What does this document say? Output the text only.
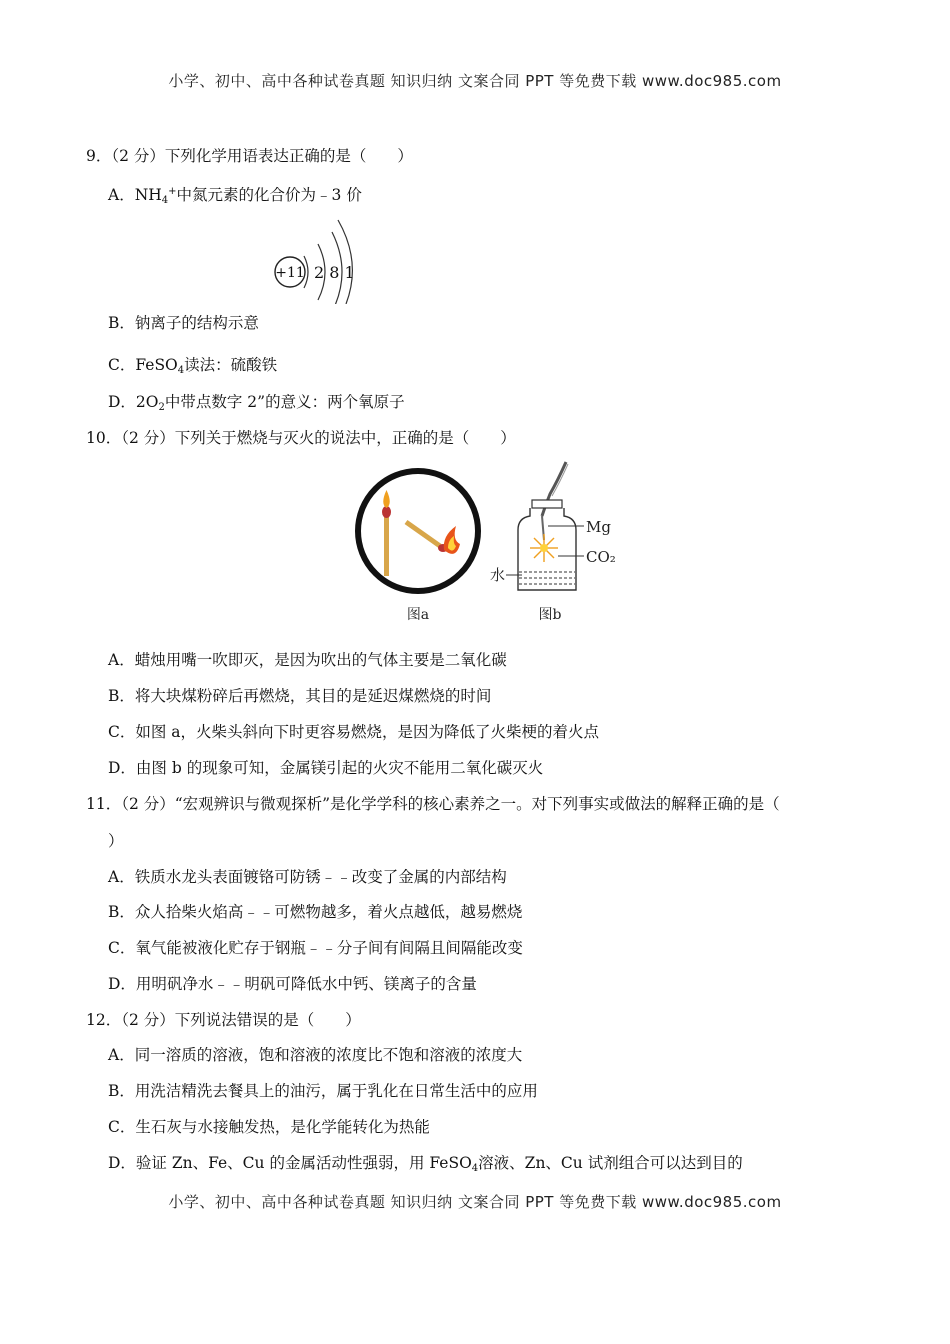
小学、初中、高中各种试卷真题 知识归纳 文案合同 PPT 等免费下载 www.doc985.com
9．（2 分）下列化学用语表达正确的是（　　）
A．$NH_4^+$中氮元素的化合价为﹣3 价
+11 2 8 1
B．钠离子的结构示意
C．FeSO$_4$读法：硫酸铁
D．$2O_2$中带点数字 2”的意义：两个氧原子
10．（2 分）下列关于燃烧与灭火的说法中，正确的是（　　）
图a
Mg
CO₂
水
图b
A．蜡烛用嘴一吹即灭，是因为吹出的气体主要是二氧化碳
B．将大块煤粉碎后再燃烧，其目的是延迟煤燃烧的时间
C．如图 a，火柴头斜向下时更容易燃烧，是因为降低了火柴梗的着火点
D．由图 b 的现象可知，金属镁引起的火灾不能用二氧化碳灭火
11．（2 分）“宏观辨识与微观探析”是化学学科的核心素养之一。对下列事实或做法的解释正确的是（
）
A．铁质水龙头表面镀铬可防锈﹣﹣改变了金属的内部结构
B．众人拾柴火焰高﹣﹣可燃物越多，着火点越低，越易燃烧
C．氧气能被液化贮存于钢瓶﹣﹣分子间有间隔且间隔能改变
D．用明矾净水﹣﹣明矾可降低水中钙、镁离子的含量
12．（2 分）下列说法错误的是（　　）
A．同一溶质的溶液，饱和溶液的浓度比不饱和溶液的浓度大
B．用洗洁精洗去餐具上的油污，属于乳化在日常生活中的应用
C．生石灰与水接触发热，是化学能转化为热能
D．验证 Zn、Fe、Cu 的金属活动性强弱，用 FeSO$_4$溶液、Zn、Cu 试剂组合可以达到目的
小学、初中、高中各种试卷真题 知识归纳 文案合同 PPT 等免费下载 www.doc985.com
